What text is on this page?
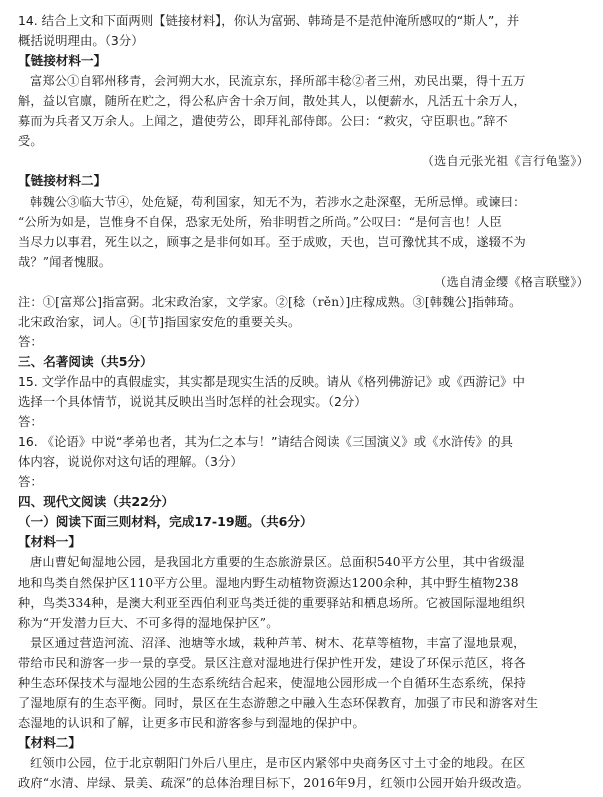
14. 结合上文和下面两则【链接材料】，你认为富弼、韩琦是不是范仲淹所感叹的“斯人”，并
概括说明理由。（3分）
【链接材料一】
富郑公①自郓州移青，会河朔大水，民流京东，择所部丰稔②者三州，劝民出粟，得十五万
斛，益以官廪，随所在贮之，得公私庐舍十余万间，散处其人，以便薪水，凡活五十余万人，
募而为兵者又万余人。上闻之，遣使劳公，即拜礼部侍郎。公曰：“救灾，守臣职也。”辞不
受。
（选自元张光祖《言行龟鉴》）
【链接材料二】
韩魏公③临大节④，处危疑，苟利国家，知无不为，若涉水之赴深壑，无所忌惮。或谏曰：
“公所为如是，岂惟身不自保，恐家无处所，殆非明哲之所尚。”公叹曰：“是何言也！人臣
当尽力以事君，死生以之，顾事之是非何如耳。至于成败，天也，岂可豫忧其不成，遂辍不为
哉？”闻者愧服。
（选自清金缨《格言联璧》）
注：①[富郑公]指富弼。北宋政治家，文学家。②[稔（rěn）]庄稼成熟。③[韩魏公]指韩琦。
北宋政治家，词人。④[节]指国家安危的重要关头。
答：
三、名著阅读（共5分）
15. 文学作品中的真假虚实，其实都是现实生活的反映。请从《格列佛游记》或《西游记》中
选择一个具体情节，说说其反映出当时怎样的社会现实。（2分）
答：
16. 《论语》中说“孝弟也者，其为仁之本与！”请结合阅读《三国演义》或《水浒传》的具
体内容，说说你对这句话的理解。（3分）
答：
四、现代文阅读（共22分）
（一）阅读下面三则材料，完成17-19题。（共6分）
【材料一】
唐山曹妃甸湿地公园，是我国北方重要的生态旅游景区。总面积540平方公里，其中省级湿
地和鸟类自然保护区110平方公里。湿地内野生动植物资源达1200余种，其中野生植物238
种，鸟类334种，是澳大利亚至西伯利亚鸟类迁徙的重要驿站和栖息场所。它被国际湿地组织
称为“开发潜力巨大、不可多得的湿地保护区”。
景区通过营造河流、沼泽、池塘等水域，栽种芦苇、树木、花草等植物，丰富了湿地景观，
带给市民和游客一步一景的享受。景区注意对湿地进行保护性开发，建设了环保示范区，将各
种生态环保技术与湿地公园的生态系统结合起来，使湿地公园形成一个自循环生态系统，保持
了湿地原有的生态平衡。同时，景区在生态游憩之中融入生态环保教育，加强了市民和游客对生
态湿地的认识和了解，让更多市民和游客参与到湿地的保护中。
【材料二】
红领巾公园，位于北京朝阳门外后八里庄，是市区内紧邻中央商务区寸土寸金的地段。在区
政府“水清、岸绿、景美、疏深”的总体治理目标下，2016年9月，红领巾公园开始升级改造。
